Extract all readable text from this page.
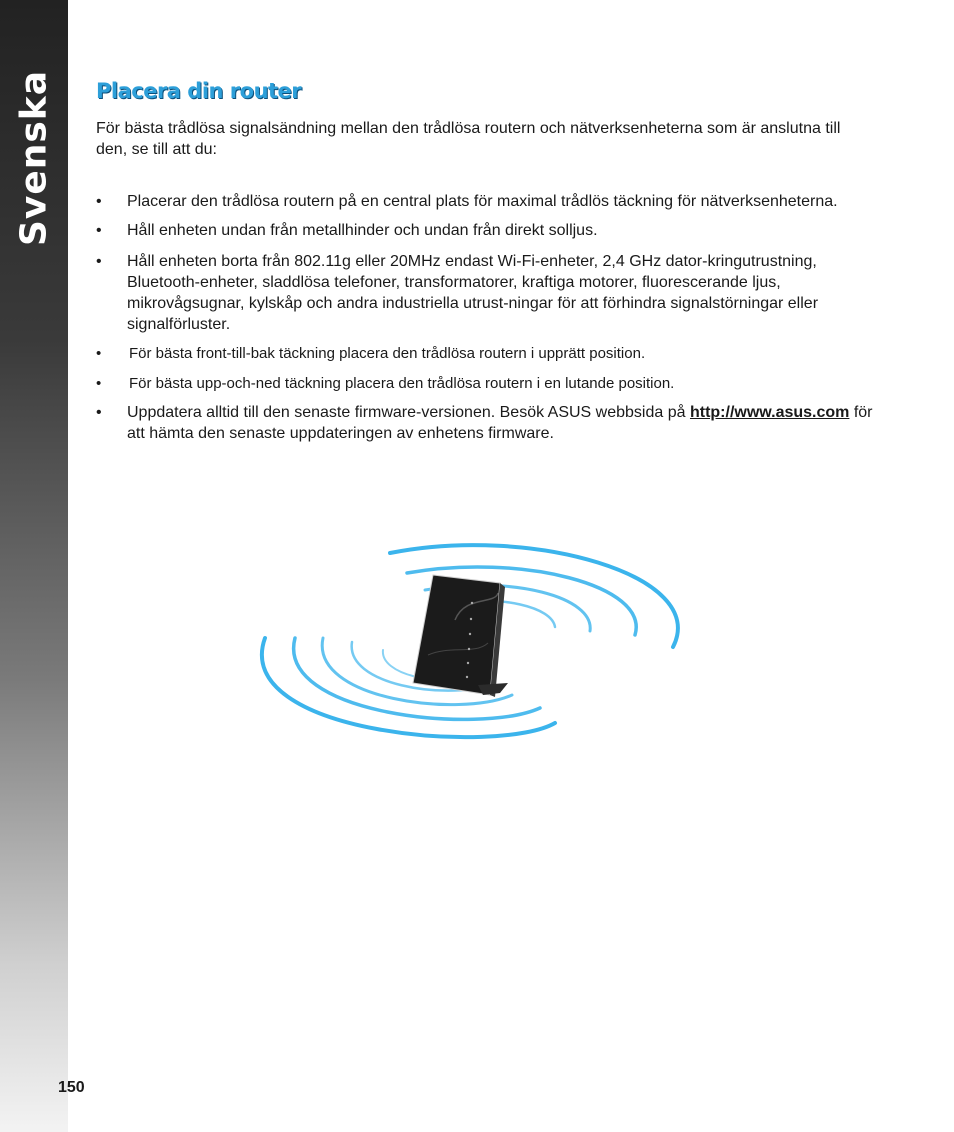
Svenska Placera din router

För bästa trådlösa signalsändning mellan den trådlösa routern och nätverksenheterna som är anslutna till den, se till att du:

• Placerar den trådlösa routern på en central plats för maximal trådlös täckning för nätverksenheterna.
• Håll enheten undan från metallhinder och undan från direkt solljus.
• Håll enheten borta från 802.11g eller 20MHz endast Wi-Fi-enheter, 2,4 GHz dator-kringutrustning, Bluetooth-enheter, sladdlösa telefoner, transformatorer, kraftiga motorer, fluorescerande ljus, mikrovågsugnar, kylskåp och andra industriella utrust-ningar för att förhindra signalstörningar eller signalförluster.
• För bästa front-till-bak täckning placera den trådlösa routern i upprätt position.
• För bästa upp-och-ned täckning placera den trådlösa routern i en lutande position.
• Uppdatera alltid till den senaste firmware-versionen. Besök ASUS webbsida på http://www.asus.com för att hämta den senaste uppdateringen av enhetens firmware.
150
